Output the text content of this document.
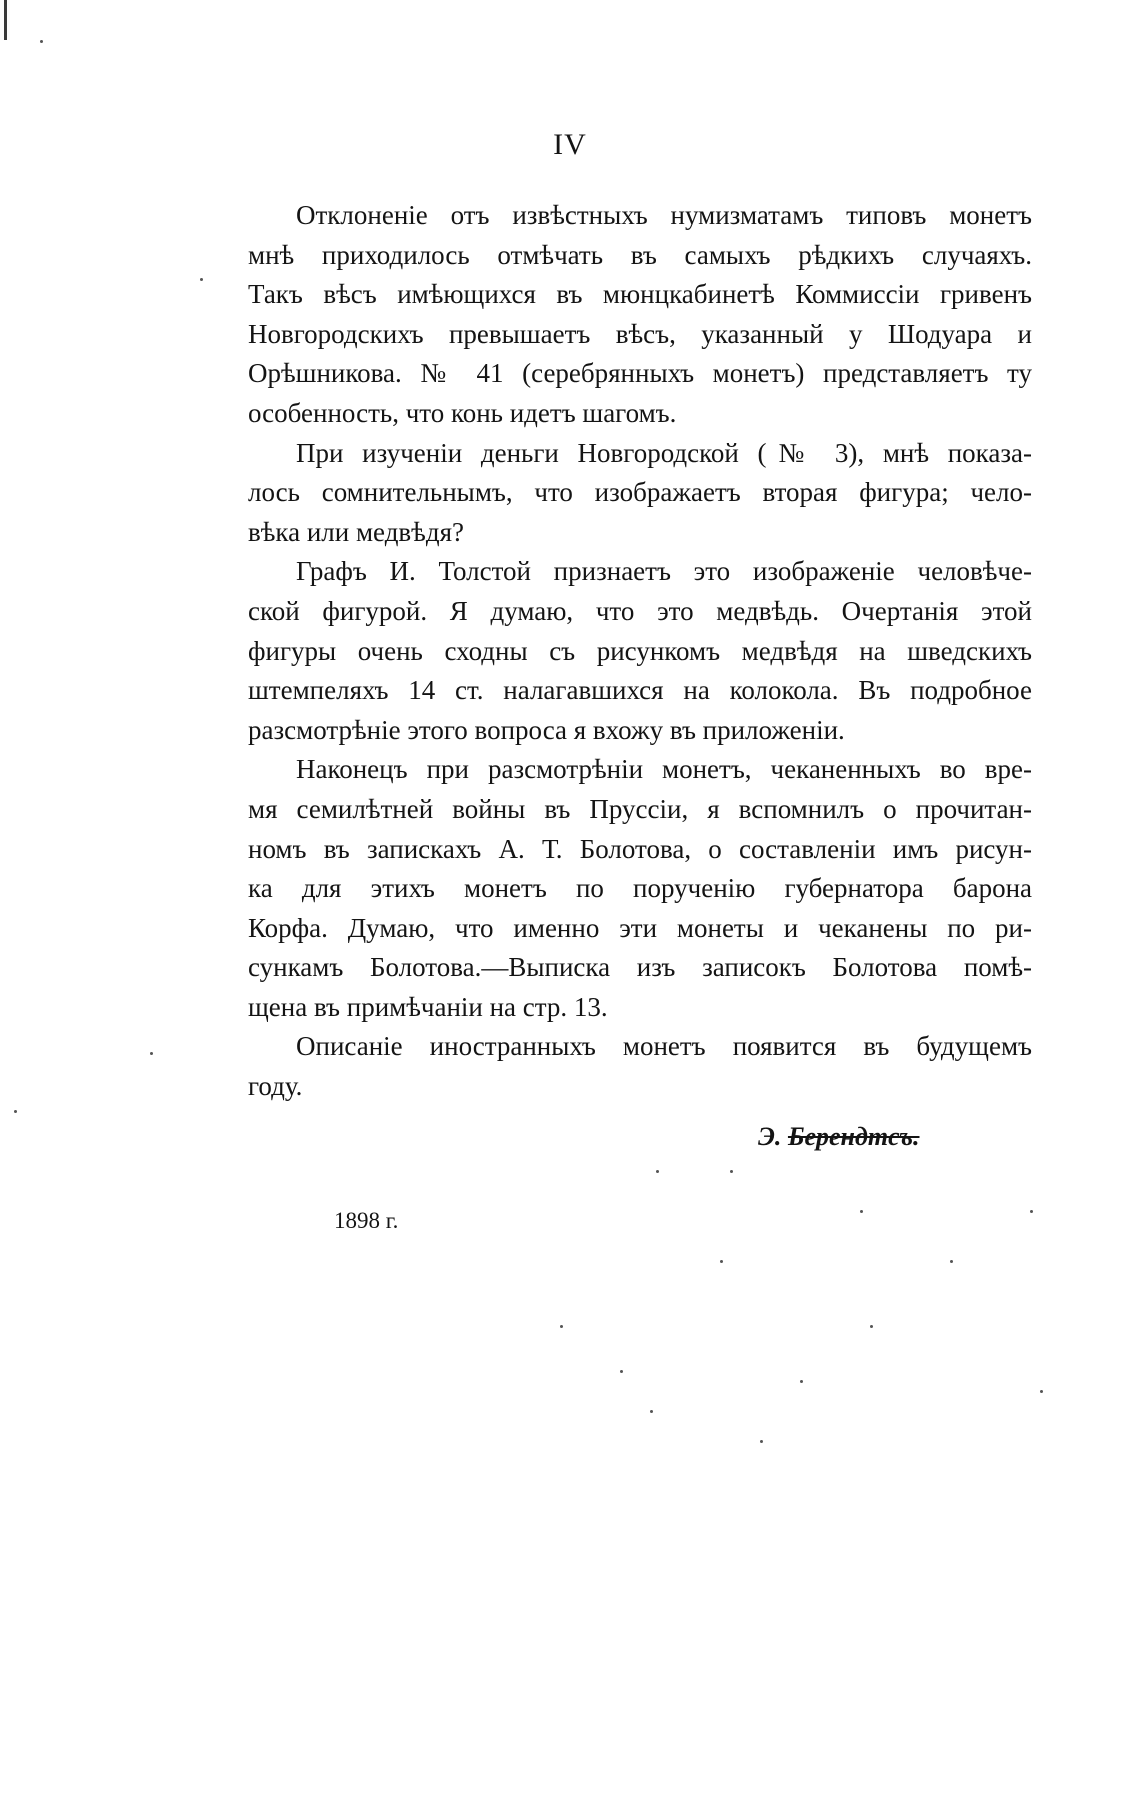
IV

Отклоненіе отъ извѣстныхъ нумизматамъ типовъ монетъ
мнѣ приходилось отмѣчать въ самыхъ рѣдкихъ случаяхъ.
Такъ вѣсъ имѣющихся въ мюнцкабинетѣ Коммиссіи гривенъ
Новгородскихъ превышаетъ вѣсъ, указанный у Шодуара и
Орѣшникова. № 41 (серебрянныхъ монетъ) представляетъ ту
особенность, что конь идетъ шагомъ.

При изученіи деньги Новгородской (№ 3), мнѣ показа-
лось сомнительнымъ, что изображаетъ вторая фигура; чело-
вѣка или медвѣдя?

Графъ И. Толстой признаетъ это изображеніе человѣче-
ской фигурой. Я думаю, что это медвѣдь. Очертанія этой
фигуры очень сходны съ рисункомъ медвѣдя на шведскихъ
штемпеляхъ 14 ст. налагавшихся на колокола. Въ подробное
разсмотрѣніе этого вопроса я вхожу въ приложеніи.

Наконецъ при разсмотрѣніи монетъ, чеканенныхъ во вре-
мя семилѣтней войны въ Пруссіи, я вспомнилъ о прочитан-
номъ въ запискахъ А. Т. Болотова, о составленіи имъ рисун-
ка для этихъ монетъ по порученію губернатора барона
Корфа. Думаю, что именно эти монеты и чеканены по ри-
сункамъ Болотова.—Выписка изъ записокъ Болотова помѣ-
щена въ примѣчаніи на стр. 13.

Описаніе иностранныхъ монетъ появится въ будущемъ
году.

Э. Берендтсъ.
1898 г.
